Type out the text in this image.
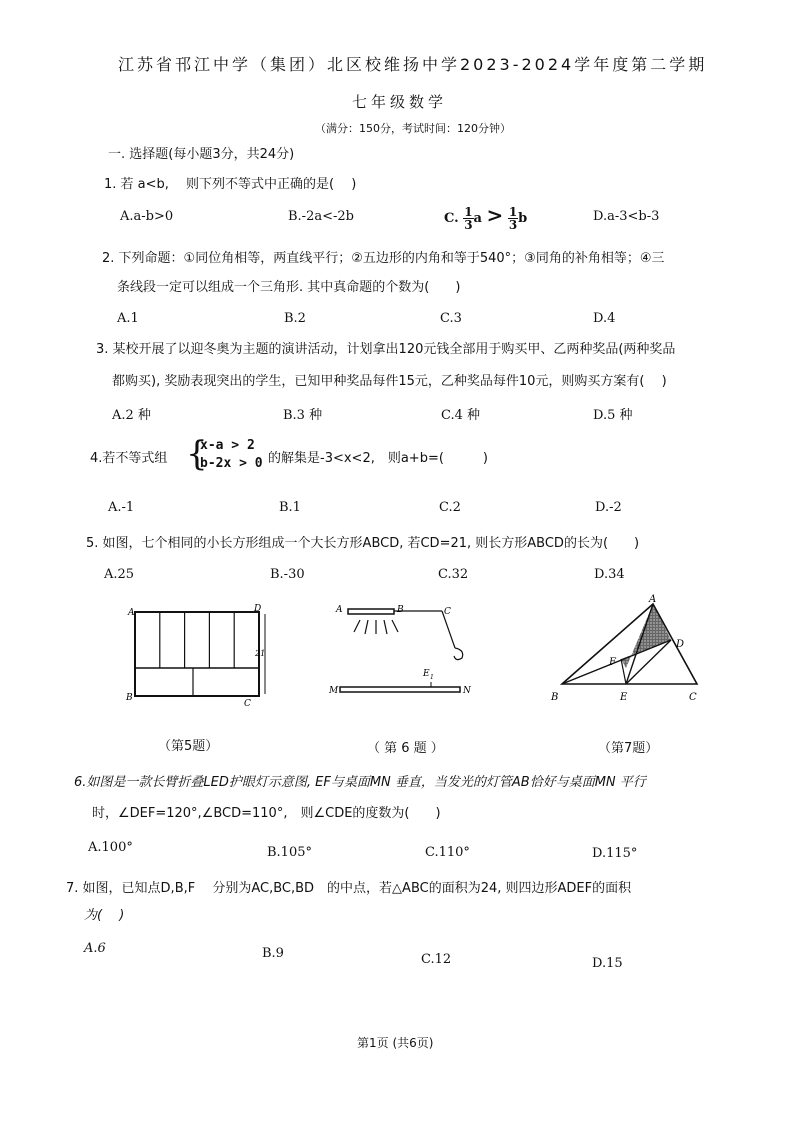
江苏省邗江中学（集团）北区校维扬中学2023-2024学年度第二学期
七年级数学
（满分：150分，考试时间：120分钟）
一. 选择题(每小题3分，共24分)
1. 若 a<b,　 则下列不等式中正确的是(　 )
A.a-b>0	B.-2a<-2b	C. $\frac{1}{3}$ $a > \frac{1}{3}$ b	D.a-3<b-3
2. 下列命题：①同位角相等，两直线平行；②五边形的内角和等于540°；③同角的补角相等；④三
条线段一定可以组成一个三角形. 其中真命题的个数为(　　)
A.1	B.2	C.3	D.4
3. 某校开展了以迎冬奥为主题的演讲活动，计划拿出120元钱全部用于购买甲、乙两种奖品(两种奖品
都购买), 奖励表现突出的学生，已知甲种奖品每件15元，乙种奖品每件10元，则购买方案有(　 )
A.2 种	B.3 种	C.4 种	D.5 种
4.若不等式组 {
x-a > 2
b-2x > 0 的解集是-3<x<2,　则a+b=(　　　)
A.-1	B.1	C.2	D.-2
5. 如图，七个相同的小长方形组成一个大长方形ABCD, 若CD=21, 则长方形ABCD的长为(　　)
A.25	B.-30	C.32	D.34
A	D
B
C
21
A	B	C
E 1
M	N
A
D
F
B	E	C
（第5题）	（ 第 6 题 ）	（第7题）
6.如图是一款长臂折叠LED护眼灯示意图, EF与桌面MN 垂直，当发光的灯管AB恰好与桌面MN 平行
时，∠DEF=120°,∠BCD=110°,　则∠CDE的度数为(　　)
A.100°	B.105°	C.110°	D.115°
7. 如图，已知点D,B,F　 分别为AC,BC,BD　的中点，若△ABC的面积为24, 则四边形ADEF的面积
为(　 )
A.6	B.9	C.12	D.15
第1页 (共6页)
